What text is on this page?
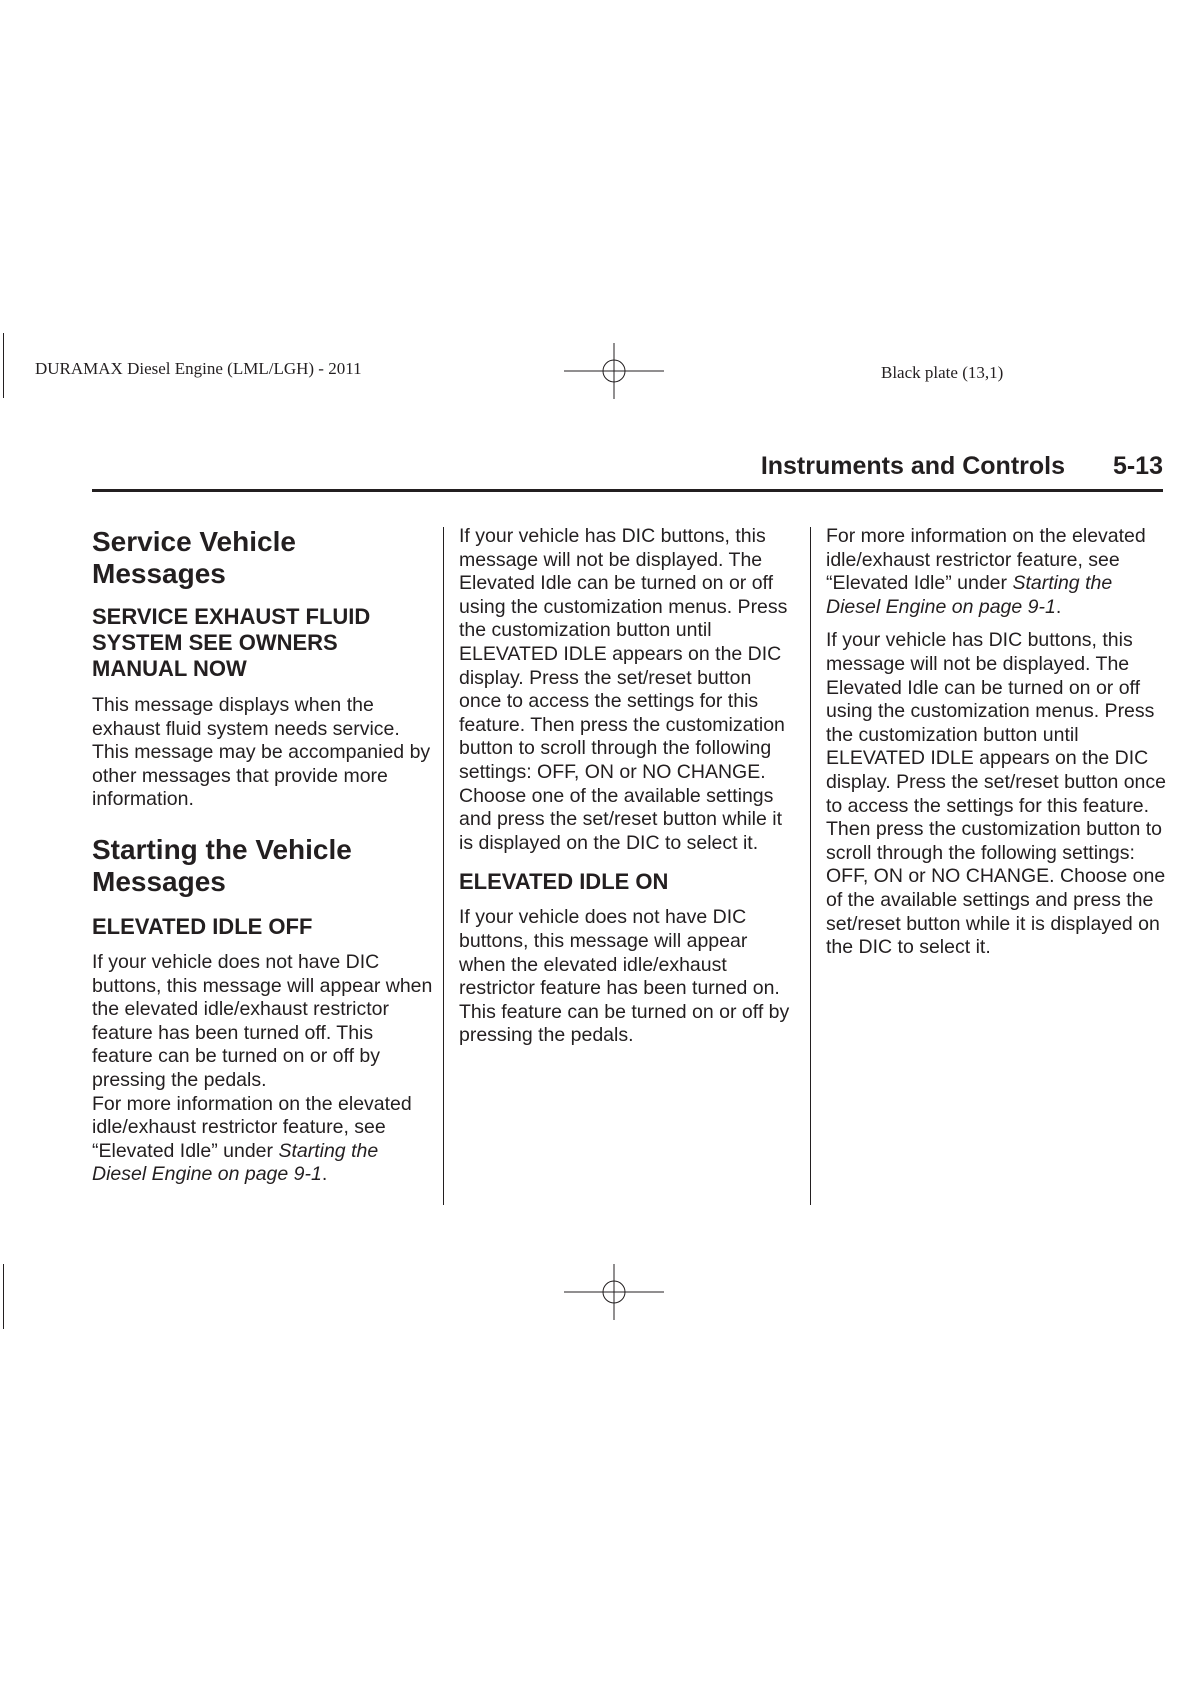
DURAMAX Diesel Engine (LML/LGH) - 2011	Black plate (13,1)
Instruments and Controls 5-13
Service Vehicle Messages
SERVICE EXHAUST FLUID SYSTEM SEE OWNERS MANUAL NOW

This message displays when the exhaust fluid system needs service. This message may be accompanied by other messages that provide more information.

Starting the Vehicle Messages
ELEVATED IDLE OFF

If your vehicle does not have DIC buttons, this message will appear when the elevated idle/exhaust restrictor feature has been turned off. This feature can be turned on or off by pressing the pedals.

For more information on the elevated idle/exhaust restrictor feature, see “Elevated Idle” under Starting the Diesel Engine on page 9-1.

If your vehicle has DIC buttons, this message will not be displayed. The Elevated Idle can be turned on or off using the customization menus. Press the customization button until ELEVATED IDLE appears on the DIC display. Press the set/reset button once to access the settings for this feature. Then press the customization button to scroll through the following settings: OFF, ON or NO CHANGE. Choose one of the available settings and press the set/reset button while it is displayed on the DIC to select it.

ELEVATED IDLE ON

If your vehicle does not have DIC buttons, this message will appear when the elevated idle/exhaust restrictor feature has been turned on. This feature can be turned on or off by pressing the pedals.

For more information on the elevated idle/exhaust restrictor feature, see “Elevated Idle” under Starting the Diesel Engine on page 9-1.

If your vehicle has DIC buttons, this message will not be displayed. The Elevated Idle can be turned on or off using the customization menus. Press the customization button until ELEVATED IDLE appears on the DIC display. Press the set/reset button once to access the settings for this feature. Then press the customization button to scroll through the following settings: OFF, ON or NO CHANGE. Choose one of the available settings and press the set/reset button while it is displayed on the DIC to select it.
